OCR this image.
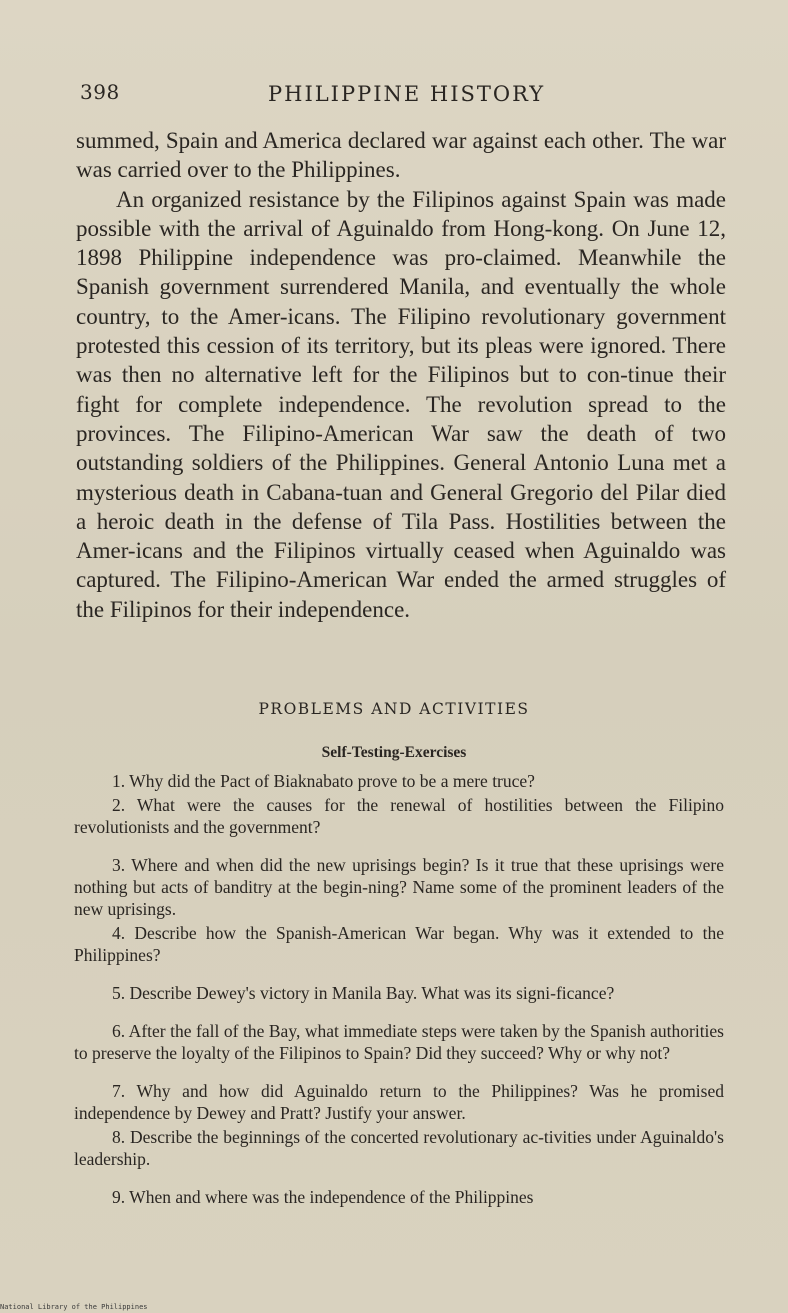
398	PHILIPPINE HISTORY

summed, Spain and America declared war against each other. The war was carried over to the Philippines.

An organized resistance by the Filipinos against Spain was made possible with the arrival of Aguinaldo from Hong-kong. On June 12, 1898 Philippine independence was pro-claimed. Meanwhile the Spanish government surrendered Manila, and eventually the whole country, to the Amer-icans. The Filipino revolutionary government protested this cession of its territory, but its pleas were ignored. There was then no alternative left for the Filipinos but to con-tinue their fight for complete independence. The revolution spread to the provinces. The Filipino-American War saw the death of two outstanding soldiers of the Philippines. General Antonio Luna met a mysterious death in Cabana-tuan and General Gregorio del Pilar died a heroic death in the defense of Tila Pass. Hostilities between the Amer-icans and the Filipinos virtually ceased when Aguinaldo was captured. The Filipino-American War ended the armed struggles of the Filipinos for their independence.

PROBLEMS AND ACTIVITIES
Self-Testing-Exercises

1. Why did the Pact of Biaknabato prove to be a mere truce?

2. What were the causes for the renewal of hostilities between the Filipino revolutionists and the government?

3. Where and when did the new uprisings begin? Is it true that these uprisings were nothing but acts of banditry at the begin-ning? Name some of the prominent leaders of the new uprisings.

4. Describe how the Spanish-American War began. Why was it extended to the Philippines?

5. Describe Dewey's victory in Manila Bay. What was its signi-ficance?

6. After the fall of the Bay, what immediate steps were taken by the Spanish authorities to preserve the loyalty of the Filipinos to Spain? Did they succeed? Why or why not?

7. Why and how did Aguinaldo return to the Philippines? Was he promised independence by Dewey and Pratt? Justify your answer.

8. Describe the beginnings of the concerted revolutionary ac-tivities under Aguinaldo's leadership.

9. When and where was the independence of the Philippines

National Library of the Philippines
